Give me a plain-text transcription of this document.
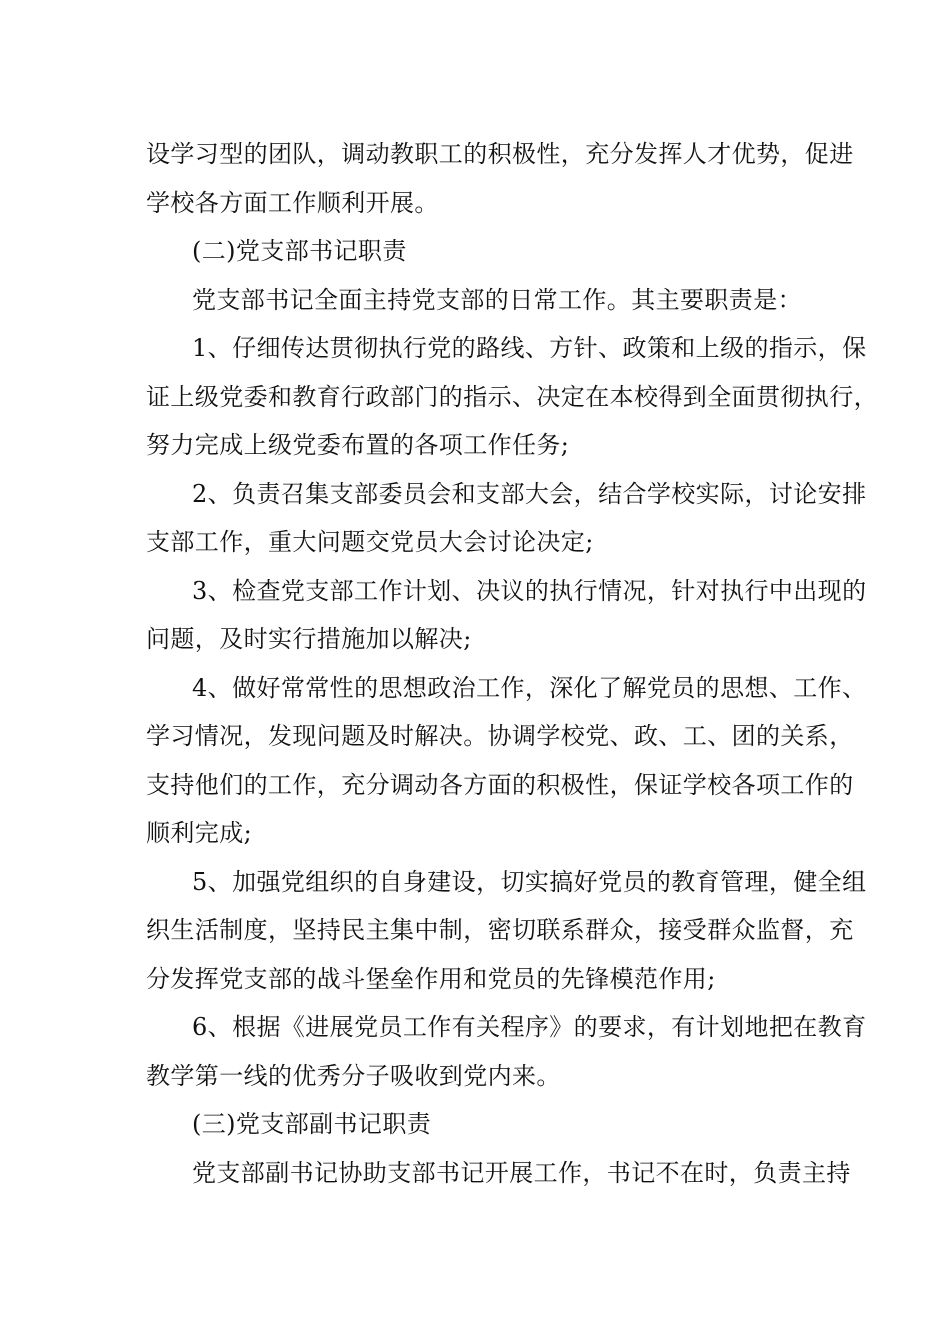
设学习型的团队，调动教职工的积极性，充分发挥人才优势，促进
学校各方面工作顺利开展。
(二)党支部书记职责
党支部书记全面主持党支部的日常工作。其主要职责是：
1、仔细传达贯彻执行党的路线、方针、政策和上级的指示，保
证上级党委和教育行政部门的指示、决定在本校得到全面贯彻执行，
努力完成上级党委布置的各项工作任务;
2、负责召集支部委员会和支部大会，结合学校实际，讨论安排
支部工作，重大问题交党员大会讨论决定;
3、检查党支部工作计划、决议的执行情况，针对执行中出现的
问题，及时实行措施加以解决;
4、做好常常性的思想政治工作，深化了解党员的思想、工作、
学习情况，发现问题及时解决。协调学校党、政、工、团的关系，
支持他们的工作，充分调动各方面的积极性，保证学校各项工作的
顺利完成;
5、加强党组织的自身建设，切实搞好党员的教育管理，健全组
织生活制度，坚持民主集中制，密切联系群众，接受群众监督，充
分发挥党支部的战斗堡垒作用和党员的先锋模范作用;
6、根据《进展党员工作有关程序》的要求，有计划地把在教育
教学第一线的优秀分子吸收到党内来。
(三)党支部副书记职责
党支部副书记协助支部书记开展工作，书记不在时，负责主持
